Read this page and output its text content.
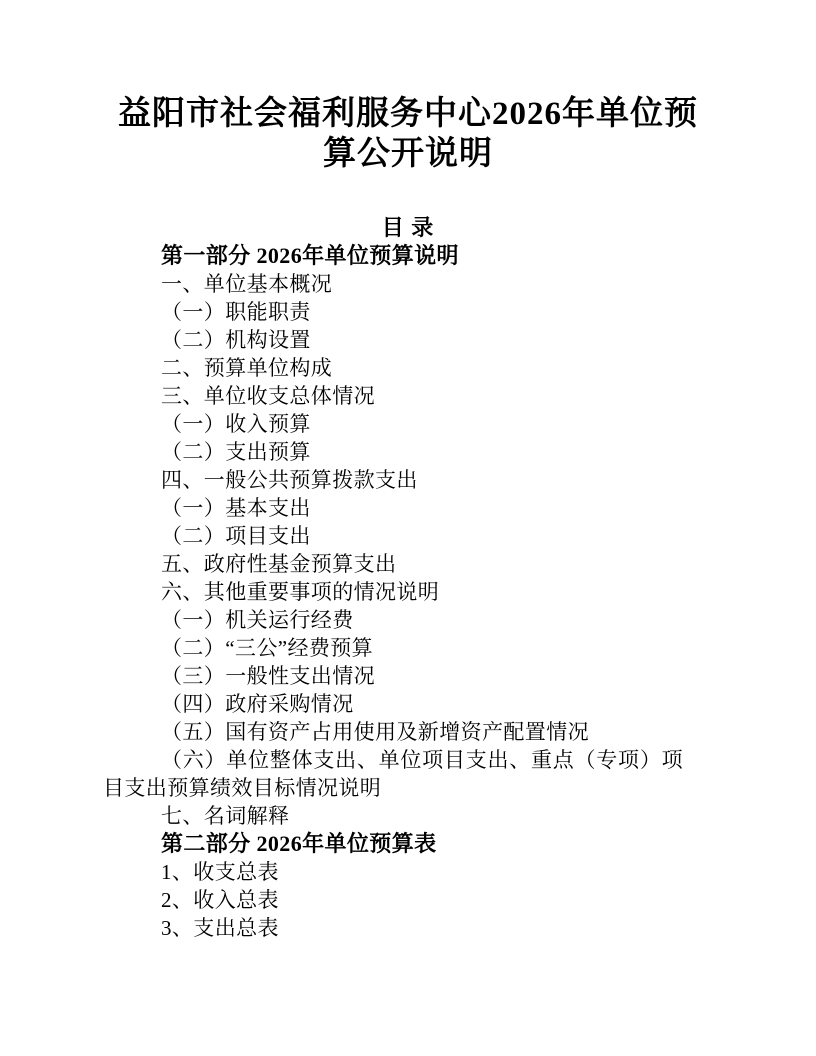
益阳市社会福利服务中心2026年单位预
算公开说明
目 录
第一部分 2026年单位预算说明
一、单位基本概况
（一）职能职责
（二）机构设置
二、预算单位构成
三、单位收支总体情况
（一）收入预算
（二）支出预算
四、一般公共预算拨款支出
（一）基本支出
（二）项目支出
五、政府性基金预算支出
六、其他重要事项的情况说明
（一）机关运行经费
（二）“三公”经费预算
（三）一般性支出情况
（四）政府采购情况
（五）国有资产占用使用及新增资产配置情况
（六）单位整体支出、单位项目支出、重点（专项）项目支出预算绩效目标情况说明
七、名词解释
第二部分 2026年单位预算表
1、收支总表
2、收入总表
3、支出总表
